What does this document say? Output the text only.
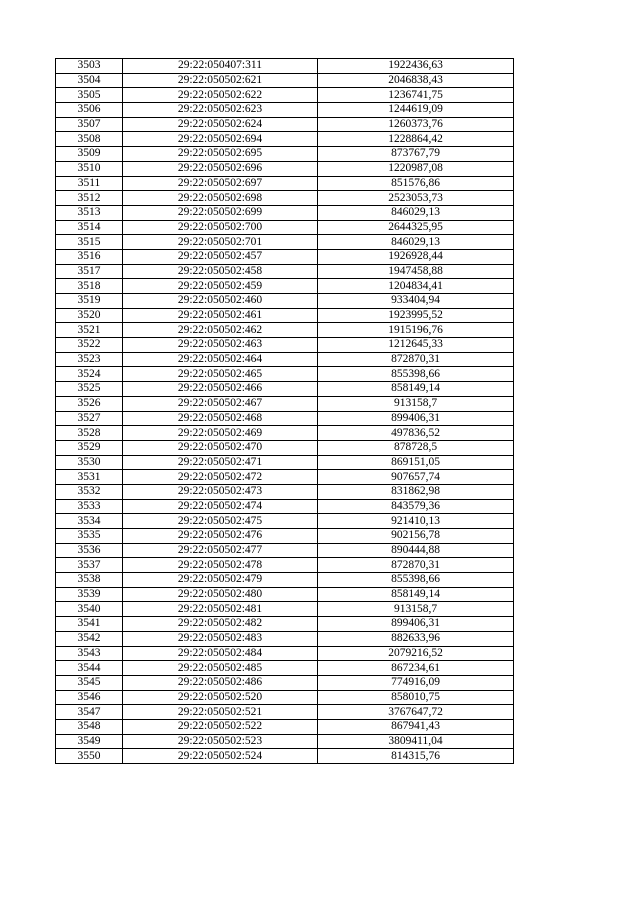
3503	29:22:050407:311	1922436,63
3504	29:22:050502:621	2046838,43
3505	29:22:050502:622	1236741,75
3506	29:22:050502:623	1244619,09
3507	29:22:050502:624	1260373,76
3508	29:22:050502:694	1228864,42
3509	29:22:050502:695	873767,79
3510	29:22:050502:696	1220987,08
3511	29:22:050502:697	851576,86
3512	29:22:050502:698	2523053,73
3513	29:22:050502:699	846029,13
3514	29:22:050502:700	2644325,95
3515	29:22:050502:701	846029,13
3516	29:22:050502:457	1926928,44
3517	29:22:050502:458	1947458,88
3518	29:22:050502:459	1204834,41
3519	29:22:050502:460	933404,94
3520	29:22:050502:461	1923995,52
3521	29:22:050502:462	1915196,76
3522	29:22:050502:463	1212645,33
3523	29:22:050502:464	872870,31
3524	29:22:050502:465	855398,66
3525	29:22:050502:466	858149,14
3526	29:22:050502:467	913158,7
3527	29:22:050502:468	899406,31
3528	29:22:050502:469	497836,52
3529	29:22:050502:470	878728,5
3530	29:22:050502:471	869151,05
3531	29:22:050502:472	907657,74
3532	29:22:050502:473	831862,98
3533	29:22:050502:474	843579,36
3534	29:22:050502:475	921410,13
3535	29:22:050502:476	902156,78
3536	29:22:050502:477	890444,88
3537	29:22:050502:478	872870,31
3538	29:22:050502:479	855398,66
3539	29:22:050502:480	858149,14
3540	29:22:050502:481	913158,7
3541	29:22:050502:482	899406,31
3542	29:22:050502:483	882633,96
3543	29:22:050502:484	2079216,52
3544	29:22:050502:485	867234,61
3545	29:22:050502:486	774916,09
3546	29:22:050502:520	858010,75
3547	29:22:050502:521	3767647,72
3548	29:22:050502:522	867941,43
3549	29:22:050502:523	3809411,04
3550	29:22:050502:524	814315,76
